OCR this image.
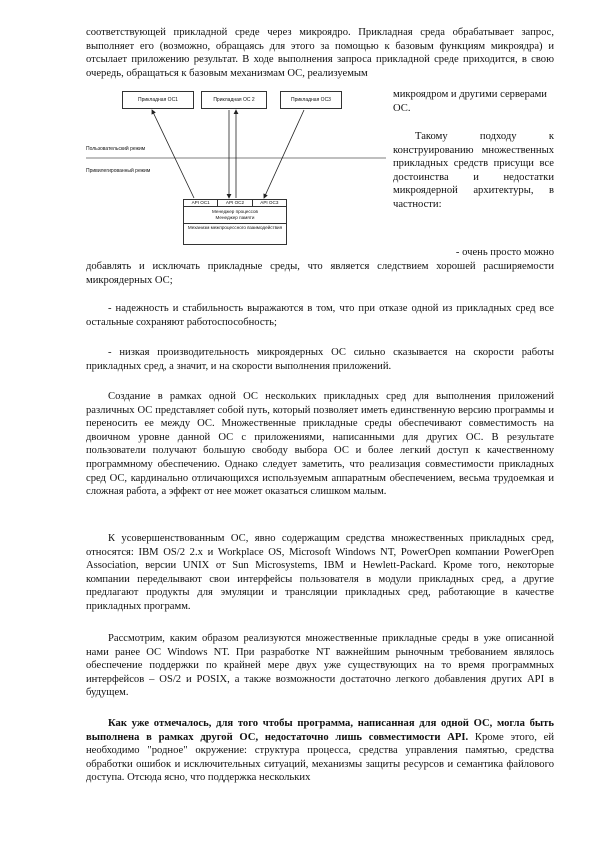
соответствующей прикладной среде через микроядро. Прикладная среда обрабатывает запрос, выполняет его (возможно, обращаясь для этого за помощью к базовым функциям микроядра) и отсылает приложению результат. В ходе выполнения запроса прикладной среде приходится, в свою очередь, обращаться к базовым механизмам ОС, реализуемым

Прикладная ОС1	Прикладная ОС 2	Прикладная ОС3
Пользовательский режим
Привилегированный режим
API ОС1	API ОС2	API ОС3
Менеджер процессов
Менеджер памяти
Механизм межпроцессного взаимодействия

микроядром и другими серверами ОС.

Такому подходу к конструированию множественных прикладных средств присущи все достоинства и недостатки микроядерной архитектуры, в частности:

- очень просто можно

добавлять и исключать прикладные среды, что является следствием хорошей расширяемости микроядерных ОС;

- надежность и стабильность выражаются в том, что при отказе одной из прикладных сред все остальные сохраняют работоспособность;

- низкая производительность микроядерных ОС сильно сказывается на скорости работы прикладных сред, а значит, и на скорости выполнения приложений.

Создание в рамках одной ОС нескольких прикладных сред для выполнения приложений различных ОС представляет собой путь, который позволяет иметь единственную версию программы и переносить ее между ОС. Множественные прикладные среды обеспечивают совместимость на двоичном уровне данной ОС с приложениями, написанными для других ОС. В результате пользователи получают большую свободу выбора ОС и более легкий доступ к качественному программному обеспечению. Однако следует заметить, что реализация совместимости прикладных сред ОС, кардинально отличающихся используемым аппаратным обеспечением, весьма трудоемкая и сложная работа, а эффект от нее может оказаться слишком малым.

К усовершенствованным ОС, явно содержащим средства множественных прикладных сред, относятся: IBM OS/2 2.x и Workplace OS, Microsoft Windows NT, PowerOpen компании PowerOpen Association, версии UNIX от Sun Microsystems, IBM и Hewlett-Packard. Кроме того, некоторые компании переделывают свои интерфейсы пользователя в модули прикладных сред, а другие предлагают продукты для эмуляции и трансляции прикладных сред, работающие в качестве прикладных программ.

Рассмотрим, каким образом реализуются множественные прикладные среды в уже описанной нами ранее ОС Windows NT. При разработке NT важнейшим рыночным требованием являлось обеспечение поддержки по крайней мере двух уже существующих на то время программных интерфейсов – OS/2 и POSIX, а также возможности достаточно легкого добавления других API в будущем.

Как уже отмечалось, для того чтобы программа, написанная для одной ОС, могла быть выполнена в рамках другой ОС, недостаточно лишь совместимости API. Кроме этого, ей необходимо "родное" окружение: структура процесса, средства управления памятью, средства обработки ошибок и исключительных ситуаций, механизмы защиты ресурсов и семантика файлового доступа. Отсюда ясно, что поддержка нескольких
